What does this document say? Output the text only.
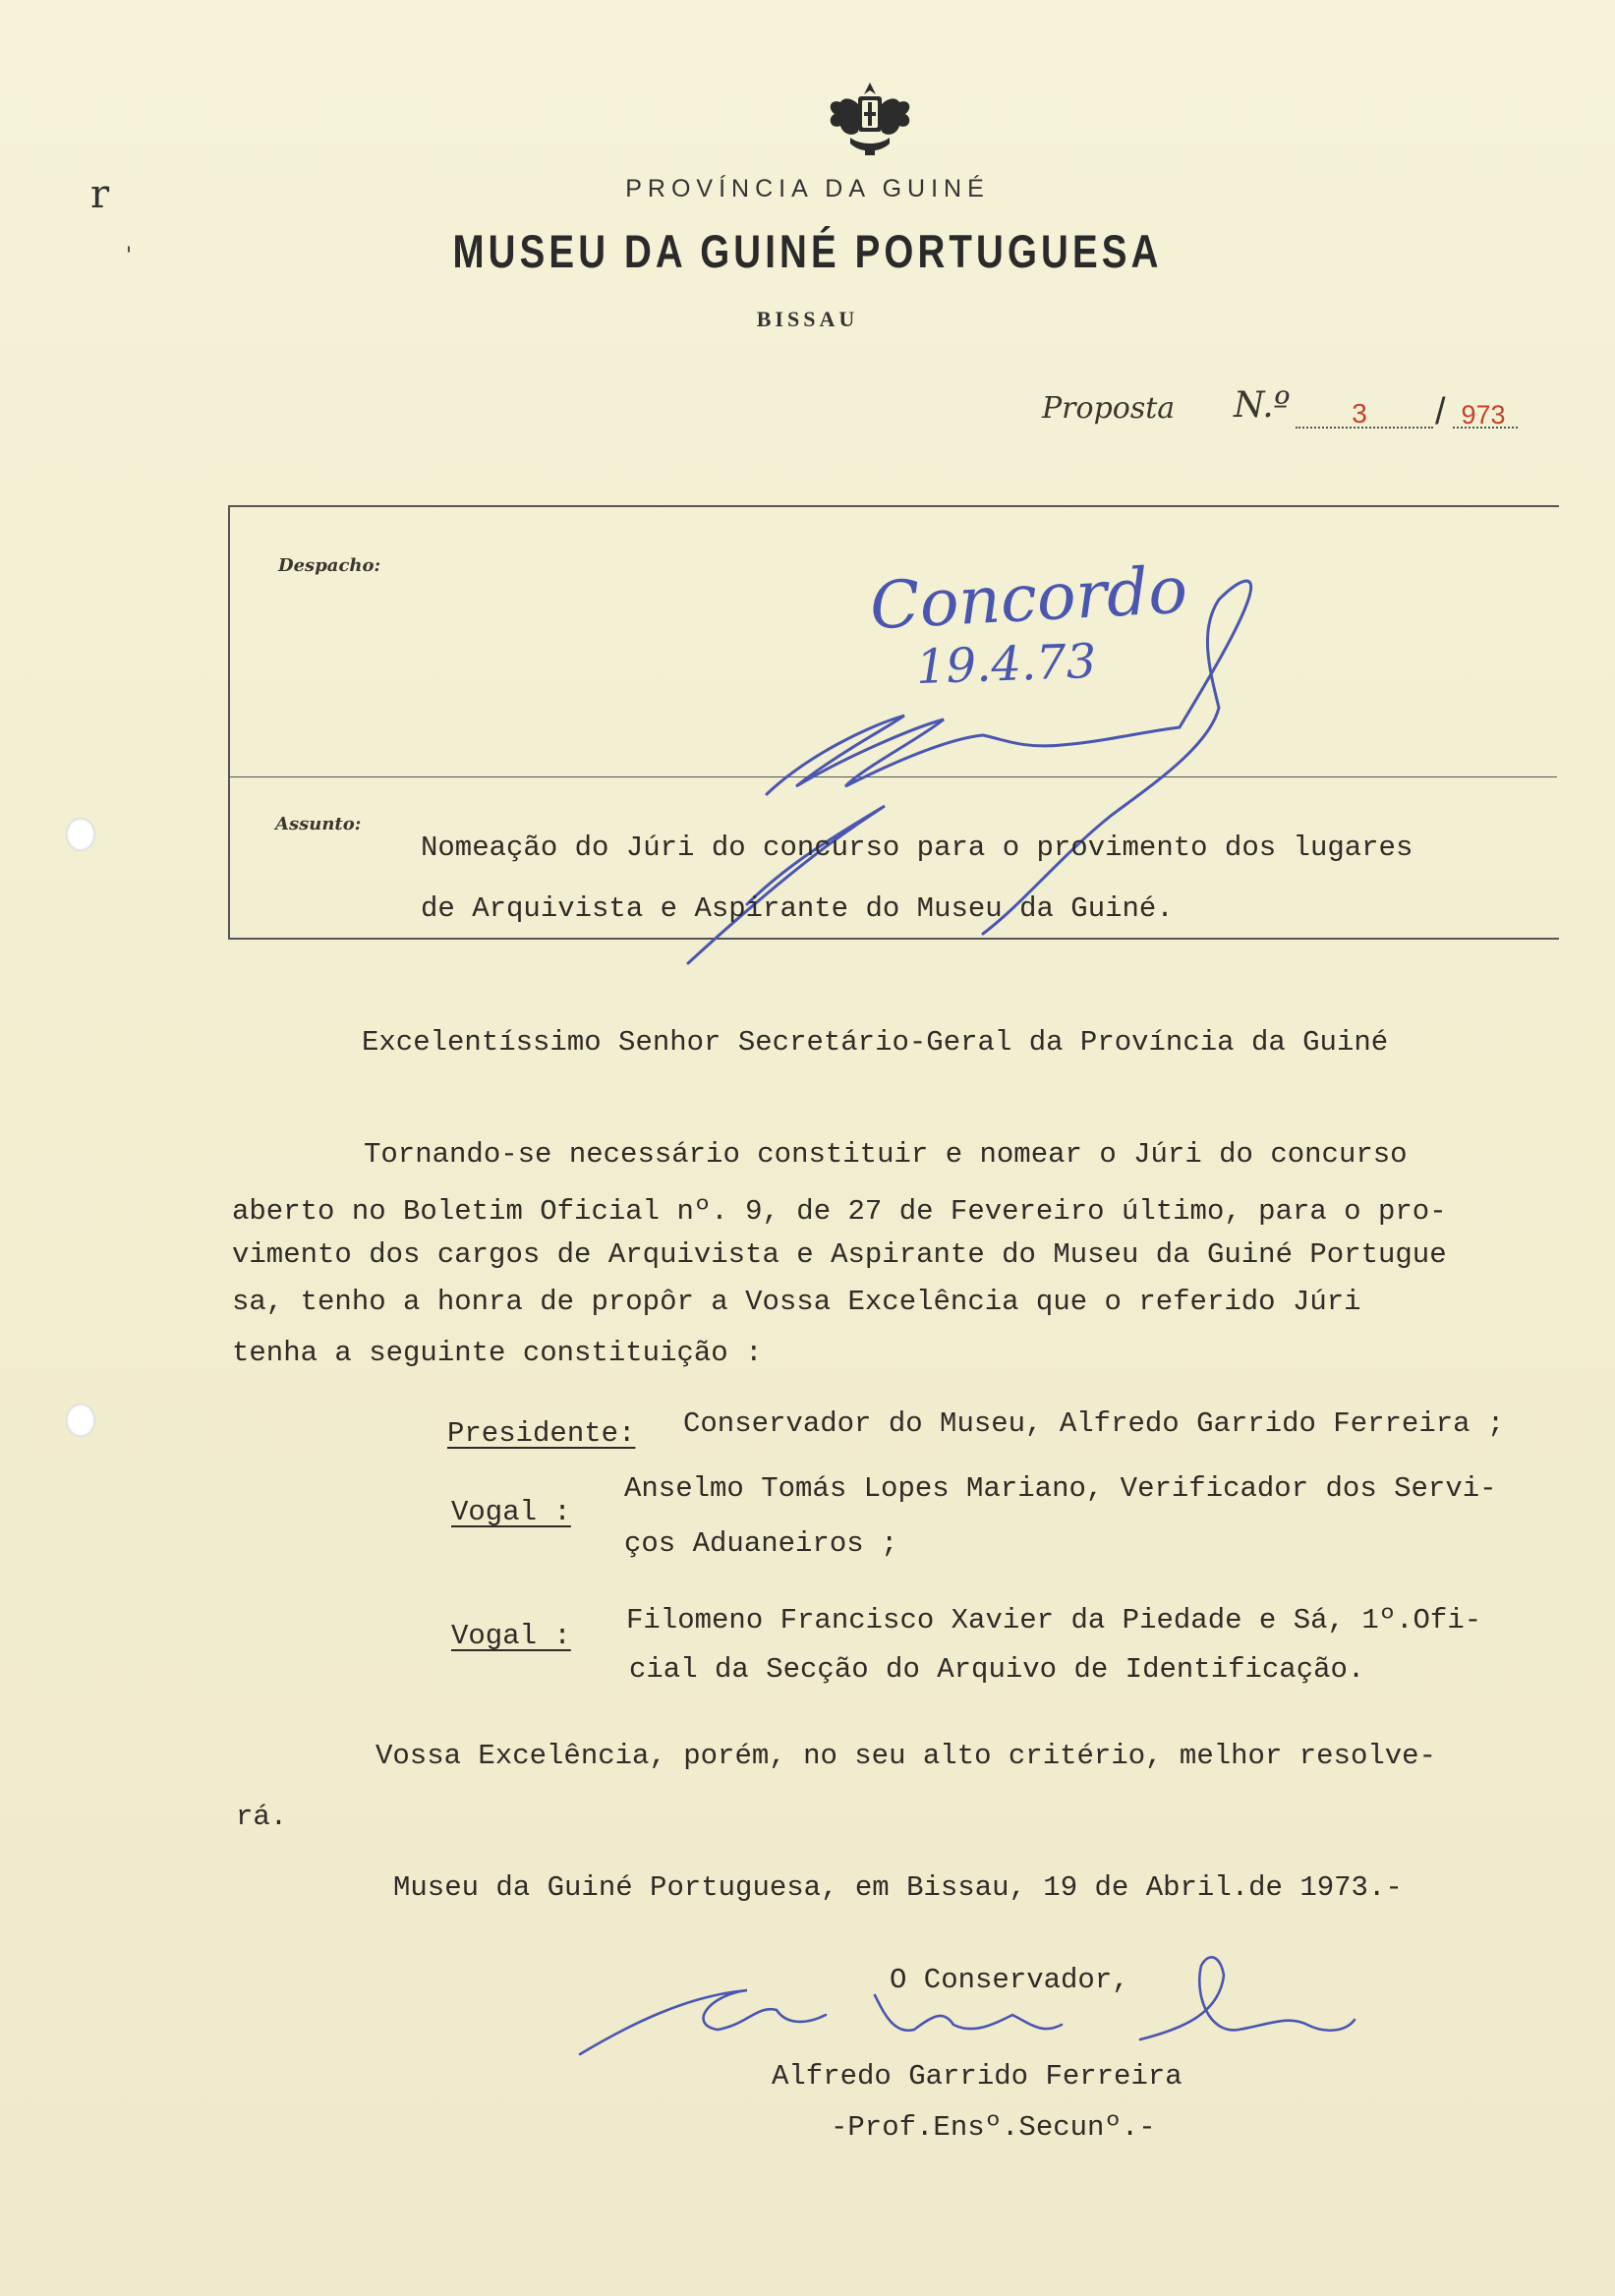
r
'
PROVÍNCIA DA GUINÉ
MUSEU DA GUINÉ PORTUGUESA
BISSAU
Proposta N.º	3	/ 973
Despacho:
Assunto:
Concordo
19.4.73
Nomeação do Júri do concurso para o provimento dos lugares
de Arquivista e Aspirante do Museu da Guiné.
Excelentíssimo Senhor Secretário-Geral da Província da Guiné
Tornando-se necessário constituir e nomear o Júri do concurso
aberto no Boletim Oficial nº. 9, de 27 de Fevereiro último, para o pro-
vimento dos cargos de Arquivista e Aspirante do Museu da Guiné Portugue
sa, tenho a honra de propôr a Vossa Excelência que o referido Júri
tenha a seguinte constituição :
Presidente: Conservador do Museu, Alfredo Garrido Ferreira ;
Vogal :
Anselmo Tomás Lopes Mariano, Verificador dos Servi-
ços Aduaneiros ;
Vogal : Filomeno Francisco Xavier da Piedade e Sá, 1º.Ofi-
cial da Secção do Arquivo de Identificação.
Vossa Excelência, porém, no seu alto critério, melhor resolve-
rá.
Museu da Guiné Portuguesa, em Bissau, 19 de Abril.de 1973.-
O Conservador,
Alfredo Garrido Ferreira
-Prof.Ensº.Secunº.-
